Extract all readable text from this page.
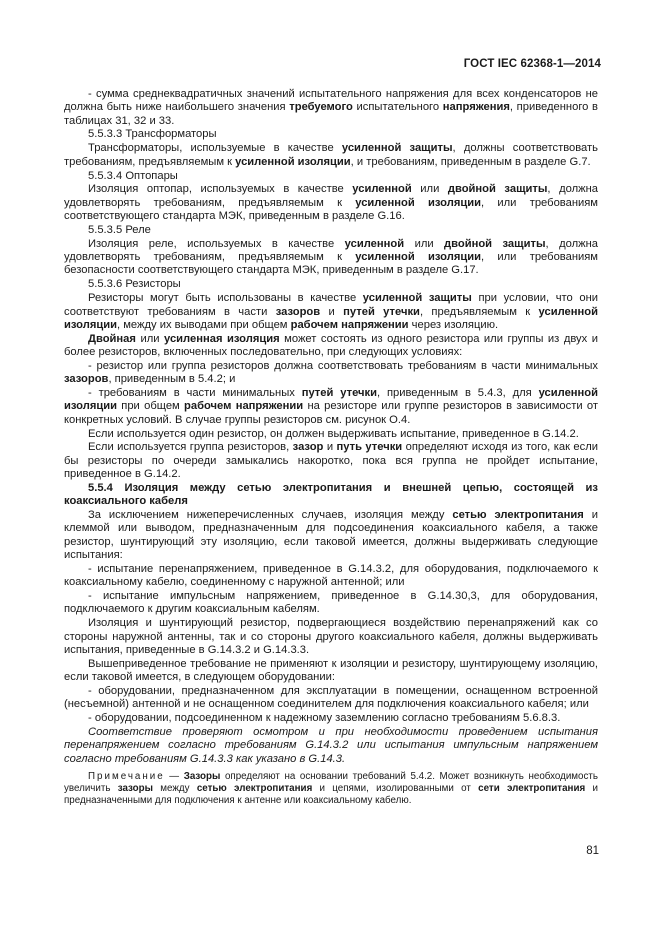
ГОСТ IEC 62368-1—2014

- сумма среднеквадратичных значений испытательного напряжения для всех конденсаторов не должна быть ниже наибольшего значения требуемого испытательного напряжения, приведенного в таблицах 31, 32 и 33.

5.5.3.3 Трансформаторы

Трансформаторы, используемые в качестве усиленной защиты, должны соответствовать требованиям, предъявляемым к усиленной изоляции, и требованиям, приведенным в разделе G.7.

5.5.3.4 Оптопары

Изоляция оптопар, используемых в качестве усиленной или двойной защиты, должна удовлетворять требованиям, предъявляемым к усиленной изоляции, или требованиям соответствующего стандарта МЭК, приведенным в разделе G.16.

5.5.3.5 Реле

Изоляция реле, используемых в качестве усиленной или двойной защиты, должна удовлетворять требованиям, предъявляемым к усиленной изоляции, или требованиям безопасности соответствующего стандарта МЭК, приведенным в разделе G.17.

5.5.3.6 Резисторы

Резисторы могут быть использованы в качестве усиленной защиты при условии, что они соответствуют требованиям в части зазоров и путей утечки, предъявляемым к усиленной изоляции, между их выводами при общем рабочем напряжении через изоляцию.

Двойная или усиленная изоляция может состоять из одного резистора или группы из двух и более резисторов, включенных последовательно, при следующих условиях:

- резистор или группа резисторов должна соответствовать требованиям в части минимальных зазоров, приведенным в 5.4.2; и

- требованиям в части минимальных путей утечки, приведенным в 5.4.3, для усиленной изоляции при общем рабочем напряжении на резисторе или группе резисторов в зависимости от конкретных условий. В случае группы резисторов см. рисунок О.4.

Если используется один резистор, он должен выдерживать испытание, приведенное в G.14.2.

Если используется группа резисторов, зазор и путь утечки определяют исходя из того, как если бы резисторы по очереди замыкались накоротко, пока вся группа не пройдет испытание, приведенное в G.14.2.

5.5.4 Изоляция между сетью электропитания и внешней цепью, состоящей из коаксиального кабеля

За исключением нижеперечисленных случаев, изоляция между сетью электропитания и клеммой или выводом, предназначенным для подсоединения коаксиального кабеля, а также резистор, шунтирующий эту изоляцию, если таковой имеется, должны выдерживать следующие испытания:

- испытание перенапряжением, приведенное в G.14.3.2, для оборудования, подключаемого к коаксиальному кабелю, соединенному с наружной антенной; или

- испытание импульсным напряжением, приведенное в G.14.30,3, для оборудования, подключаемого к другим коаксиальным кабелям.

Изоляция и шунтирующий резистор, подвергающиеся воздействию перенапряжений как со стороны наружной антенны, так и со стороны другого коаксиального кабеля, должны выдерживать испытания, приведенные в G.14.3.2 и G.14.3.3.

Вышеприведенное требование не применяют к изоляции и резистору, шунтирующему изоляцию, если таковой имеется, в следующем оборудовании:

- оборудовании, предназначенном для эксплуатации в помещении, оснащенном встроенной (несъемной) антенной и не оснащенном соединителем для подключения коаксиального кабеля; или

- оборудовании, подсоединенном к надежному заземлению согласно требованиям 5.6.8.3.

Соответствие проверяют осмотром и при необходимости проведением испытания перенапряжением согласно требованиям G.14.3.2 или испытания импульсным напряжением согласно требованиям G.14.3.3 как указано в G.14.3.

Примечание — Зазоры определяют на основании требований 5.4.2. Может возникнуть необходимость увеличить зазоры между сетью электропитания и цепями, изолированными от сети электропитания и предназначенными для подключения к антенне или коаксиальному кабелю.

81
